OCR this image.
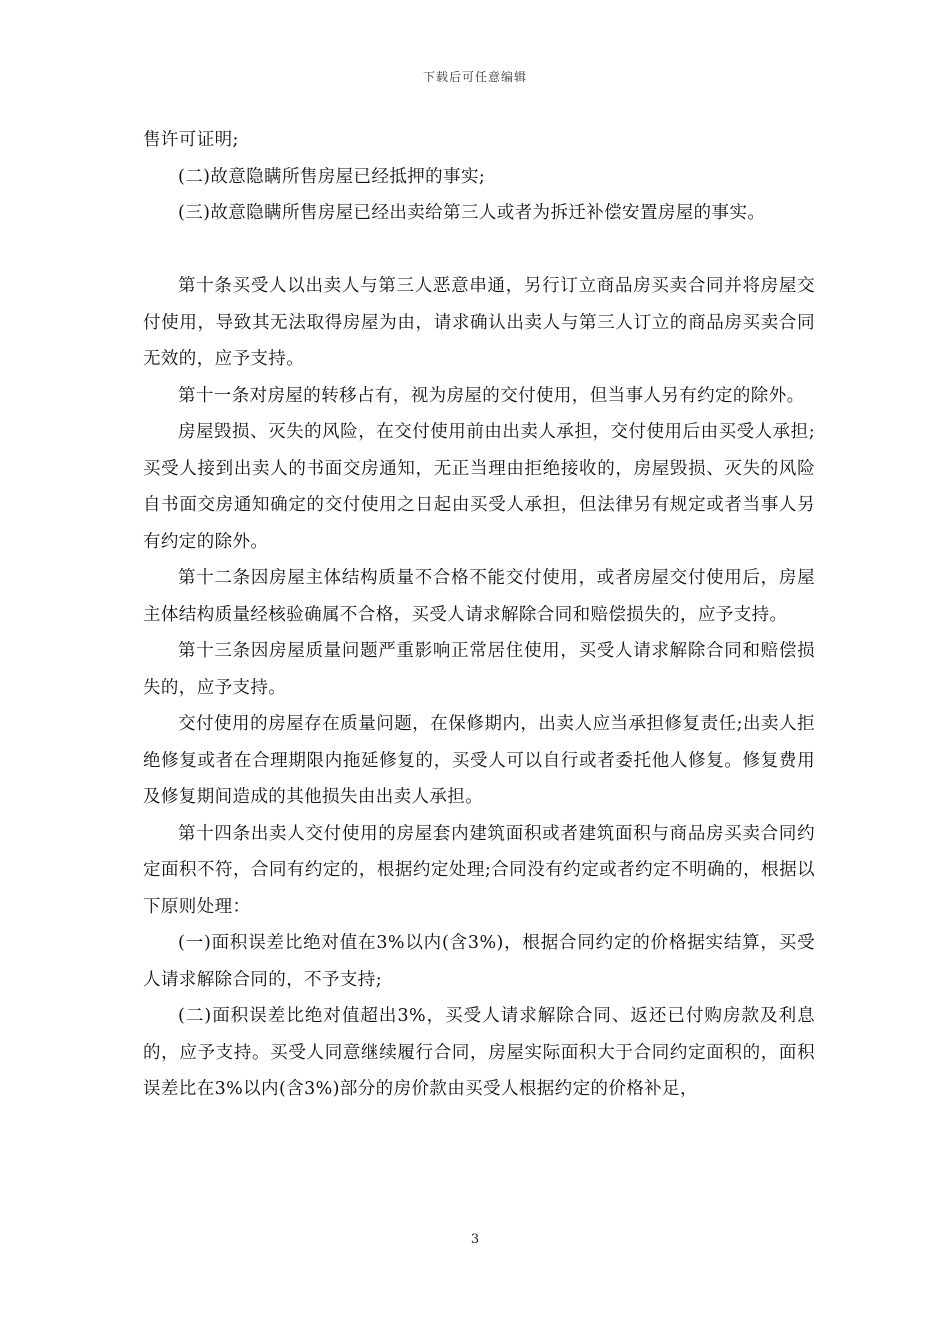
下载后可任意编辑

售许可证明;

(二)故意隐瞒所售房屋已经抵押的事实;

(三)故意隐瞒所售房屋已经出卖给第三人或者为拆迁补偿安置房屋的事实。

第十条买受人以出卖人与第三人恶意串通，另行订立商品房买卖合同并将房屋交付使用，导致其无法取得房屋为由，请求确认出卖人与第三人订立的商品房买卖合同无效的，应予支持。

第十一条对房屋的转移占有，视为房屋的交付使用，但当事人另有约定的除外。

房屋毁损、灭失的风险，在交付使用前由出卖人承担，交付使用后由买受人承担;买受人接到出卖人的书面交房通知，无正当理由拒绝接收的，房屋毁损、灭失的风险自书面交房通知确定的交付使用之日起由买受人承担，但法律另有规定或者当事人另有约定的除外。

第十二条因房屋主体结构质量不合格不能交付使用，或者房屋交付使用后，房屋主体结构质量经核验确属不合格，买受人请求解除合同和赔偿损失的，应予支持。

第十三条因房屋质量问题严重影响正常居住使用，买受人请求解除合同和赔偿损失的，应予支持。

交付使用的房屋存在质量问题，在保修期内，出卖人应当承担修复责任;出卖人拒绝修复或者在合理期限内拖延修复的，买受人可以自行或者委托他人修复。修复费用及修复期间造成的其他损失由出卖人承担。

第十四条出卖人交付使用的房屋套内建筑面积或者建筑面积与商品房买卖合同约定面积不符，合同有约定的，根据约定处理;合同没有约定或者约定不明确的，根据以下原则处理：

(一)面积误差比绝对值在3%以内(含3%)，根据合同约定的价格据实结算，买受人请求解除合同的，不予支持;

(二)面积误差比绝对值超出3%，买受人请求解除合同、返还已付购房款及利息的，应予支持。买受人同意继续履行合同，房屋实际面积大于合同约定面积的，面积误差比在3%以内(含3%)部分的房价款由买受人根据约定的价格补足，

3
